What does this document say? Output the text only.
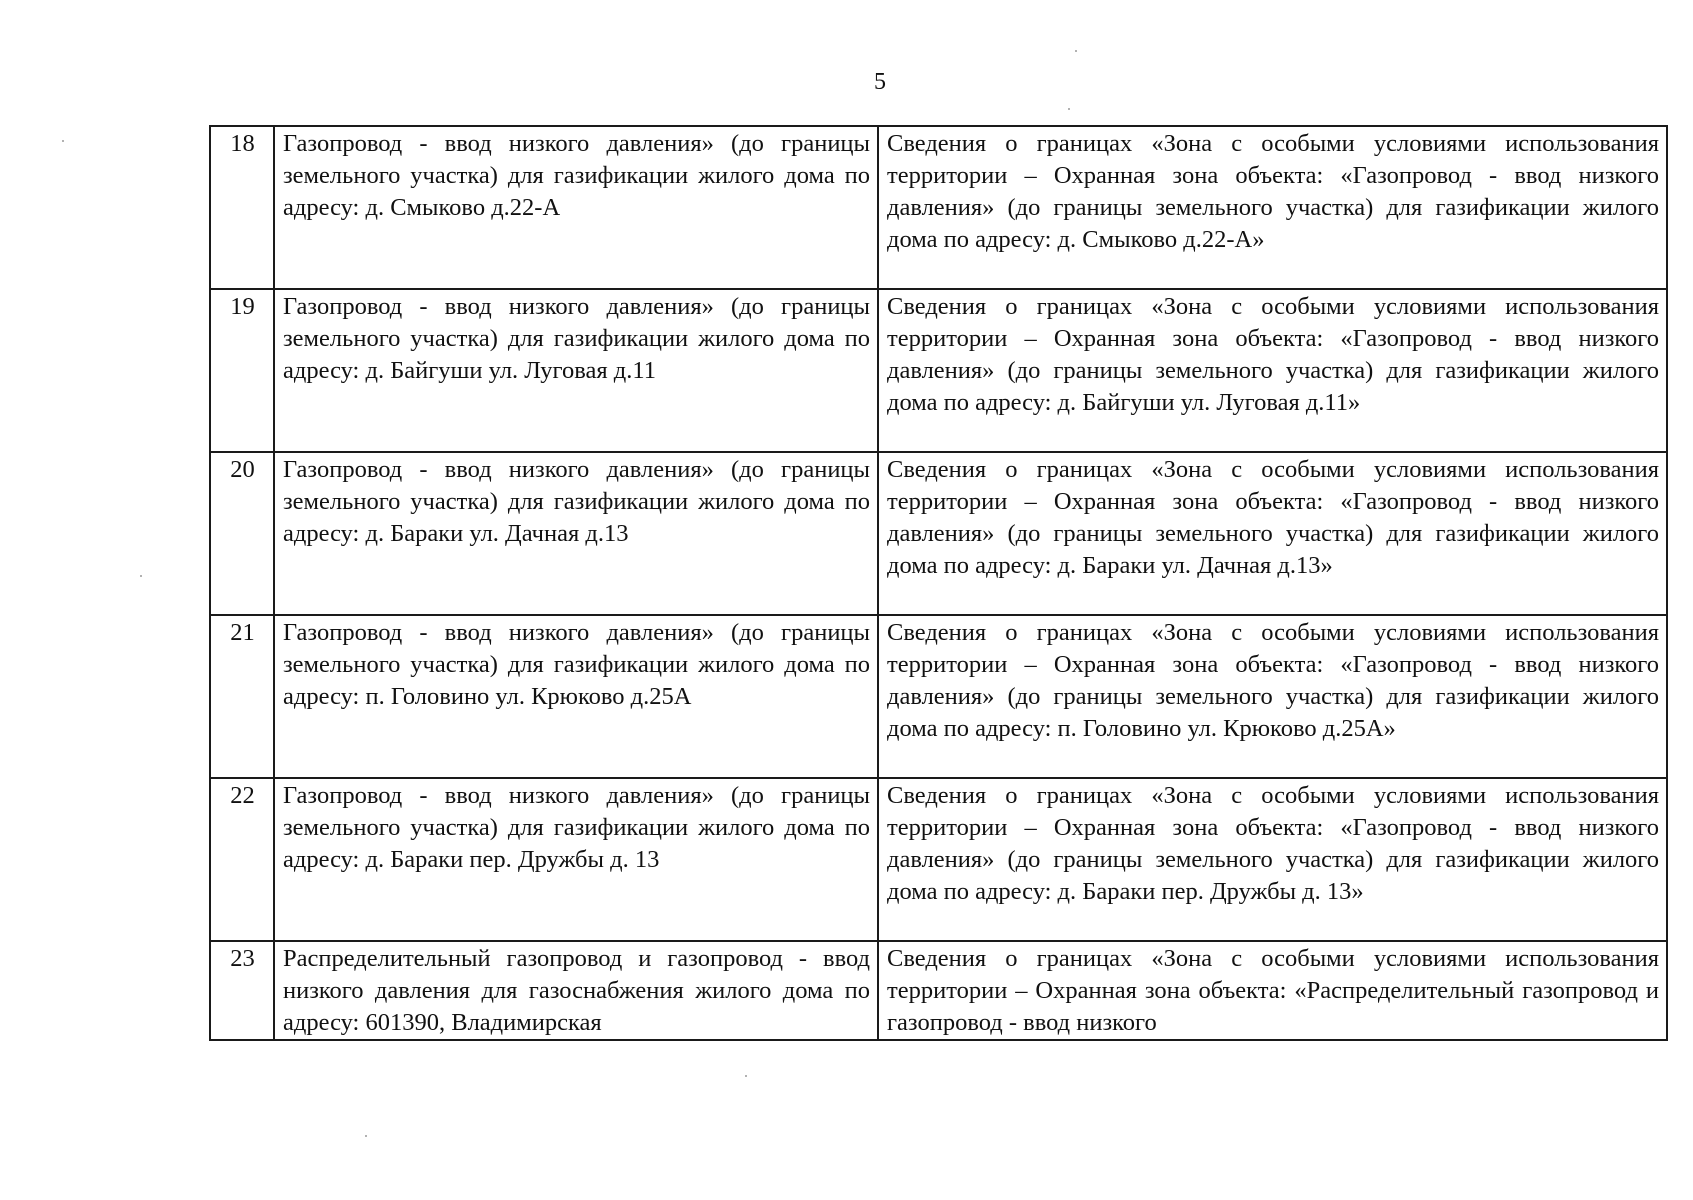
5
18	Газопровод - ввод низкого давления» (до границы земельного участка) для газификации жилого дома по адресу: д. Смыково д.22-А	Сведения о границах «Зона с особыми условиями использования территории – Охранная зона объекта: «Газопровод - ввод низкого давления» (до границы земельного участка) для газификации жилого дома по адресу: д. Смыково д.22-А»
19	Газопровод - ввод низкого давления» (до границы земельного участка) для газификации жилого дома по адресу: д. Байгуши ул. Луговая д.11	Сведения о границах «Зона с особыми условиями использования территории – Охранная зона объекта: «Газопровод - ввод низкого давления» (до границы земельного участка) для газификации жилого дома по адресу: д. Байгуши ул. Луговая д.11»
20	Газопровод - ввод низкого давления» (до границы земельного участка) для газификации жилого дома по адресу: д. Бараки ул. Дачная д.13	Сведения о границах «Зона с особыми условиями использования территории – Охранная зона объекта: «Газопровод - ввод низкого давления» (до границы земельного участка) для газификации жилого дома по адресу: д. Бараки ул. Дачная д.13»
21	Газопровод - ввод низкого давления» (до границы земельного участка) для газификации жилого дома по адресу: п. Головино ул. Крюково д.25А	Сведения о границах «Зона с особыми условиями использования территории – Охранная зона объекта: «Газопровод - ввод низкого давления» (до границы земельного участка) для газификации жилого дома по адресу: п. Головино ул. Крюково д.25А»
22	Газопровод - ввод низкого давления» (до границы земельного участка) для газификации жилого дома по адресу: д. Бараки пер. Дружбы д. 13	Сведения о границах «Зона с особыми условиями использования территории – Охранная зона объекта: «Газопровод - ввод низкого давления» (до границы земельного участка) для газификации жилого дома по адресу: д. Бараки пер. Дружбы д. 13»
23	Распределительный газопровод и газопровод - ввод низкого давления для газоснабжения жилого дома по адресу: 601390, Владимирская	Сведения о границах «Зона с особыми условиями использования территории – Охранная зона объекта: «Распределительный газопровод и газопровод - ввод низкого
